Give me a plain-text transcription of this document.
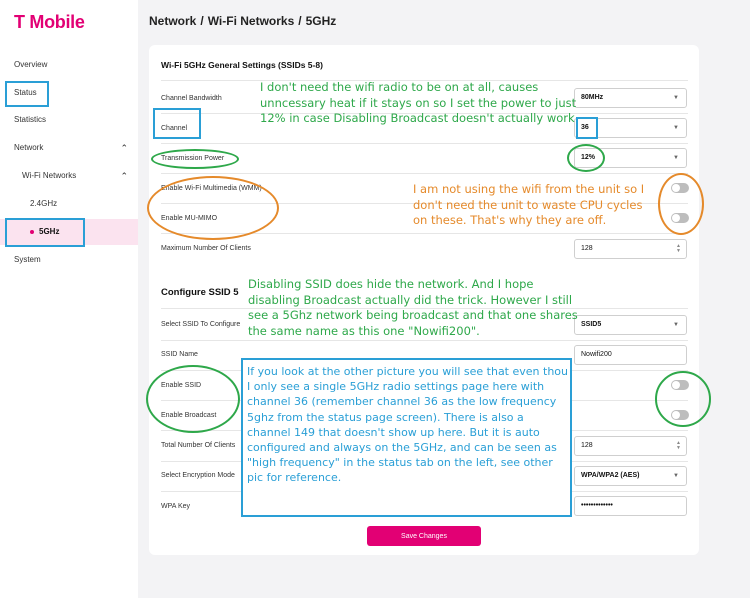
T Mobile
Overview
Status
Statistics
Network	⌃
Wi-Fi Networks	⌃
2.4GHz
5GHz
System
Network / Wi-Fi Networks / 5GHz
Wi-Fi 5GHz General Settings (SSIDs 5-8)
Channel Bandwidth	80MHz	▼
Channel	36	▼
Transmission Power	12%	▼
Enable Wi-Fi Multimedia (WMM)
Enable MU-MIMO
Maximum Number Of Clients	128	▲
▼
Configure SSID 5
Select SSID To Configure	SSID5	▼
SSID Name	Nowifi200
Enable SSID
Enable Broadcast
Total Number Of Clients	128	▲
▼
Select Encryption Mode	WPA/WPA2 (AES)	▼
WPA Key	•••••••••••••
Save Changes
I don't need the wifi radio to be on at all, causes unncessary heat if it stays on so I set the power to just 12% in case Disabling Broadcast doesn't actually work
I am not using the wifi from the unit so I don't need the unit to waste CPU cycles on these. That's why they are off.
Disabling SSID does hide the network. And I hope disabling Broadcast actually did the trick. However I still see a 5Ghz network being broadcast and that one shares the same name as this one "Nowifi200".
If you look at the other picture you will see that even thou I only see a single 5GHz radio settings page here with channel 36 (remember channel 36 as the low frequency 5ghz from the status page screen). There is also a channel 149 that doesn't show up here. But it is auto configured and always on the 5GHz, and can be seen as "high frequency" in the status tab on the left, see other pic for reference.
